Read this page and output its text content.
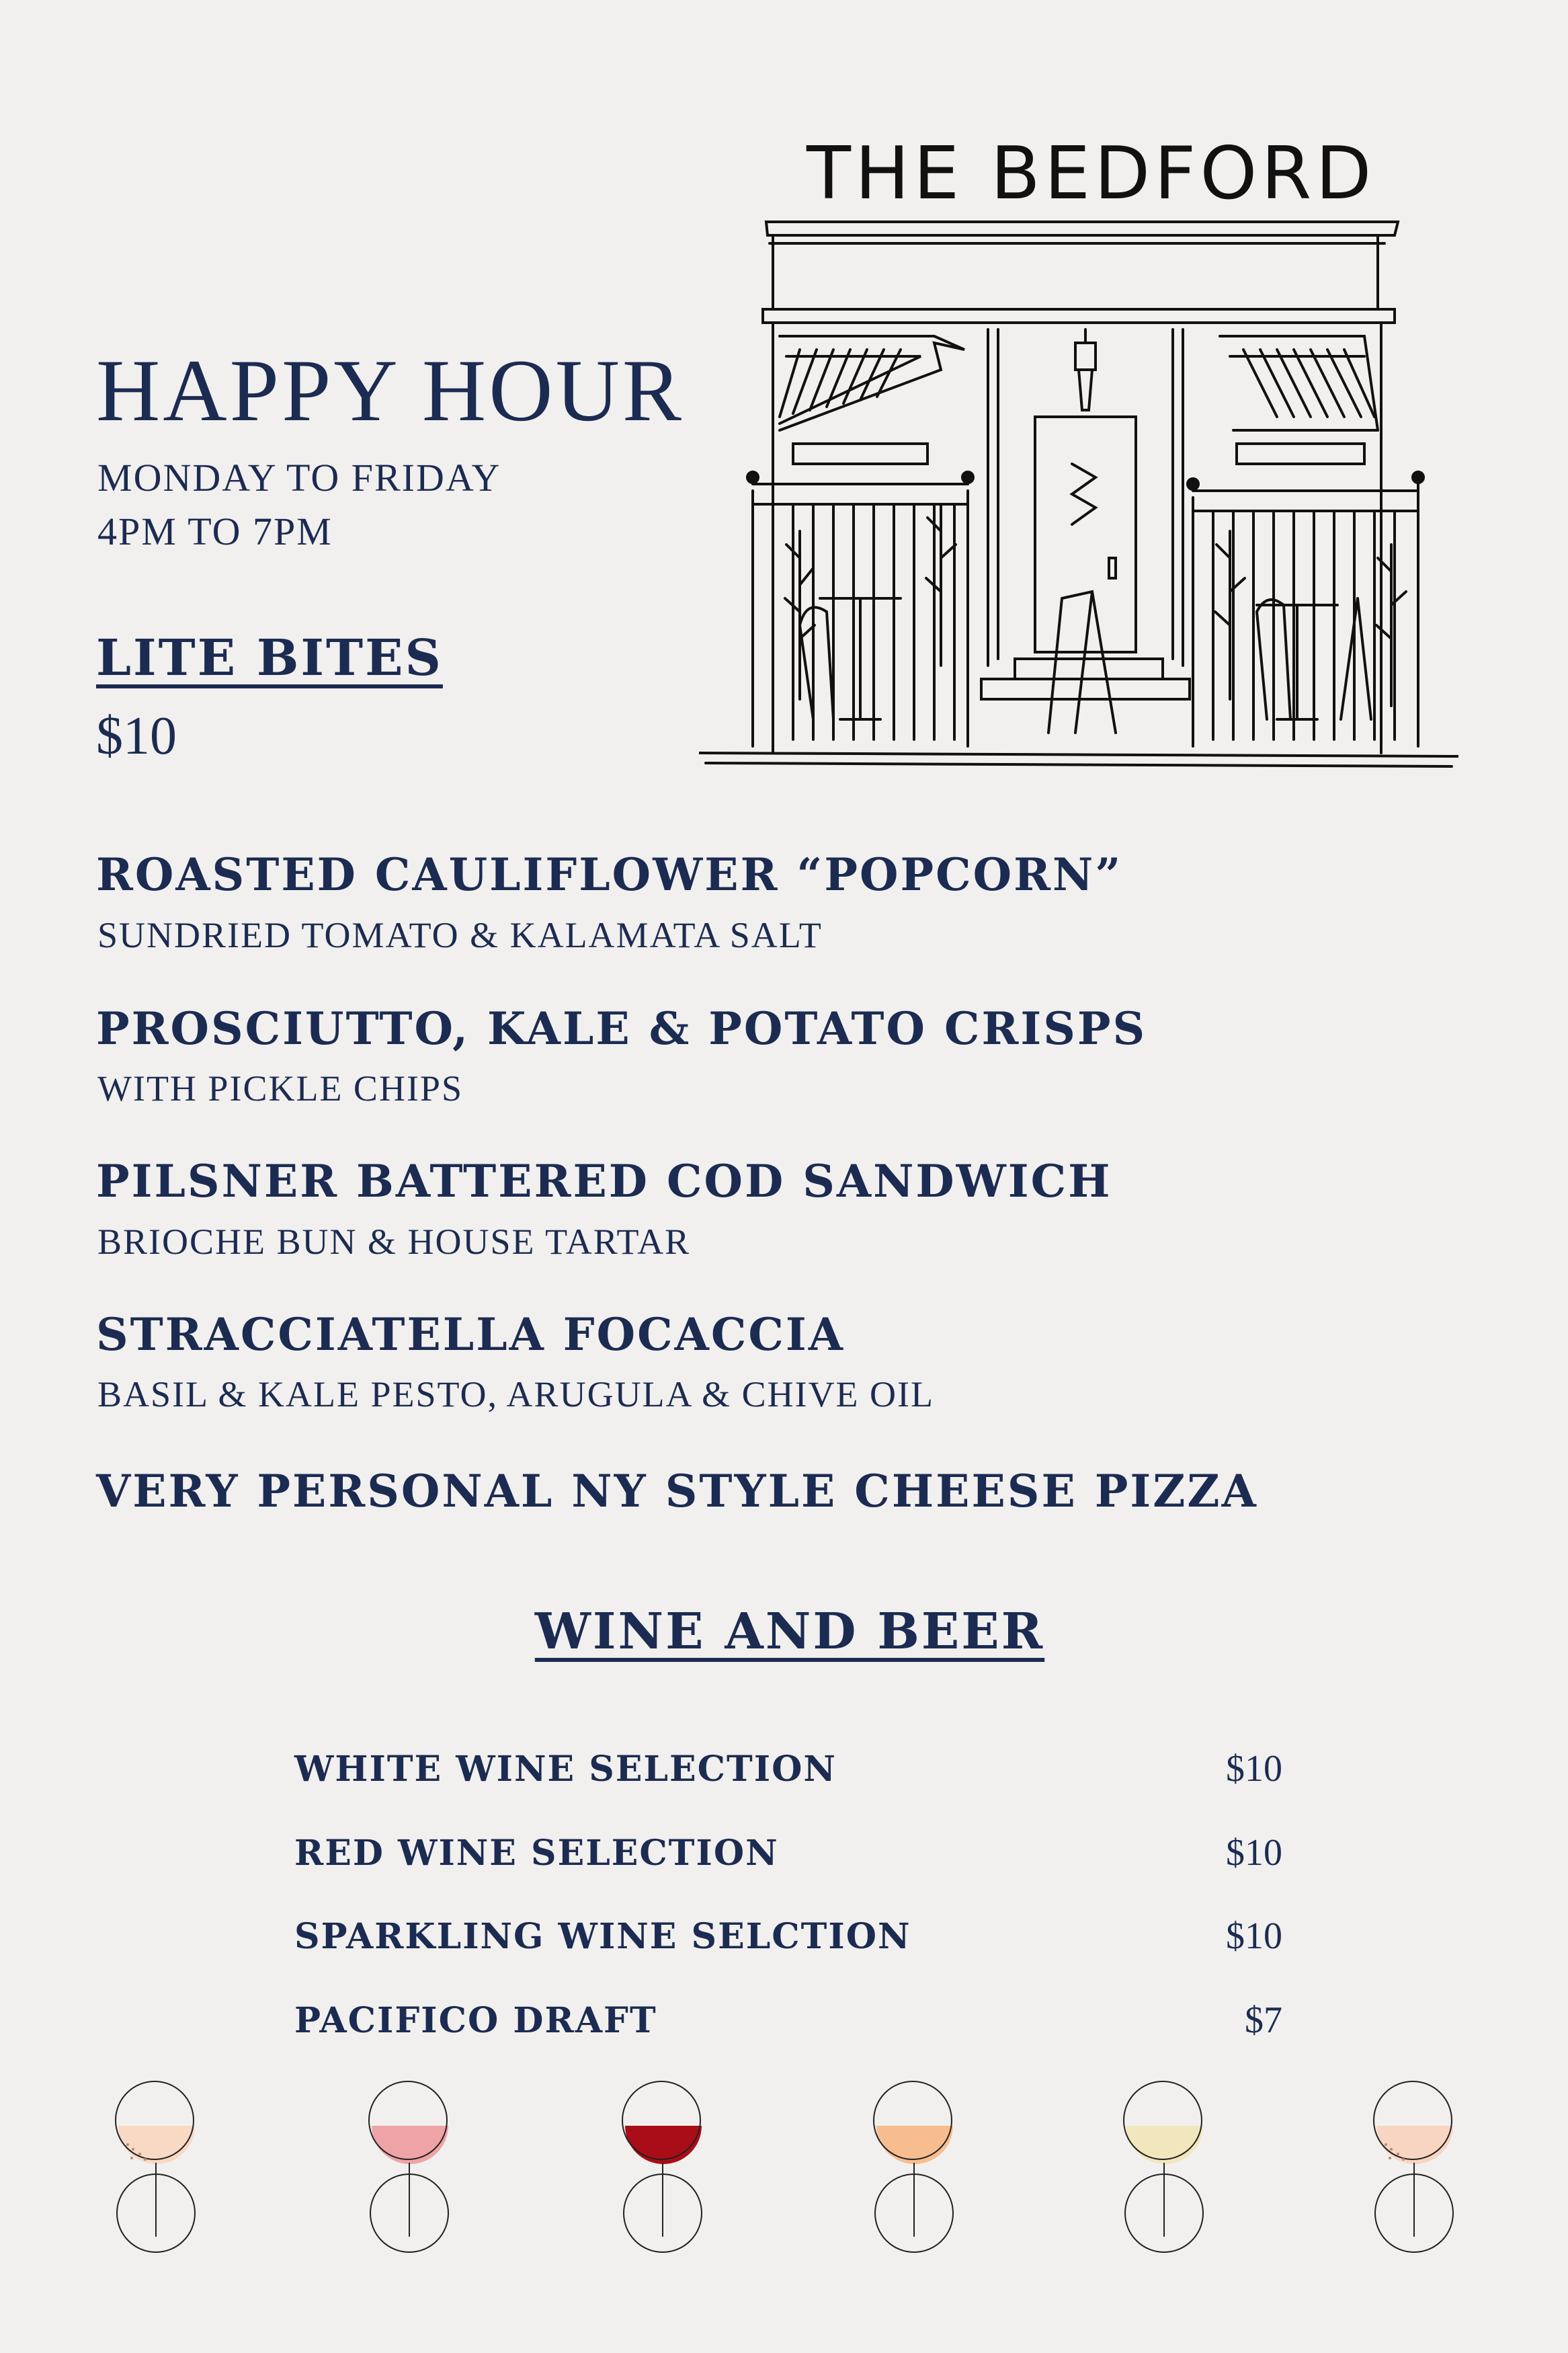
HAPPY HOUR
MONDAY TO FRIDAY
4PM TO 7PM
THE BEDFORD
LITE BITES
$10
ROASTED CAULIFLOWER “POPCORN”
SUNDRIED TOMATO & KALAMATA SALT
PROSCIUTTO, KALE & POTATO CRISPS
WITH PICKLE CHIPS
PILSNER BATTERED COD SANDWICH
BRIOCHE BUN & HOUSE TARTAR
STRACCIATELLA FOCACCIA
BASIL & KALE PESTO, ARUGULA & CHIVE OIL
VERY PERSONAL NY STYLE CHEESE PIZZA
WINE AND BEER
WHITE WINE SELECTION	$10
RED WINE SELECTION	$10
SPARKLING WINE SELCTION	$10
PACIFICO DRAFT	$7
